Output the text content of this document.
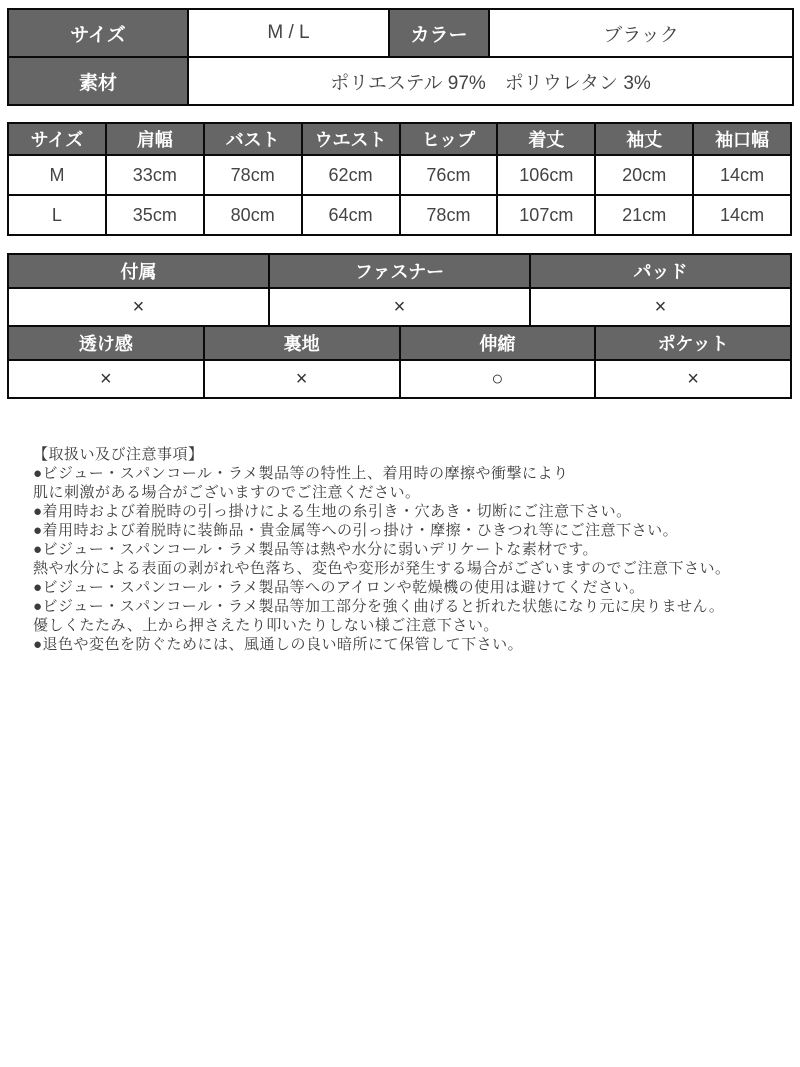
サイズ	M / L	カラー	ブラック
素材	ポリエステル 97%　ポリウレタン 3%		
サイズ	肩幅	バスト	ウエスト	ヒップ	着丈	袖丈	袖口幅
M	33cm	78cm	62cm	76cm	106cm	20cm	14cm
L	35cm	80cm	64cm	78cm	107cm	21cm	14cm
付属	ファスナー	パッド
×	×	×
透け感	裏地	伸縮	ポケット
×	×	○	×
【取扱い及び注意事項】
●ビジュー・スパンコール・ラメ製品等の特性上、着用時の摩擦や衝撃により
肌に刺激がある場合がございますのでご注意ください。
●着用時および着脱時の引っ掛けによる生地の糸引き・穴あき・切断にご注意下さい。
●着用時および着脱時に装飾品・貴金属等への引っ掛け・摩擦・ひきつれ等にご注意下さい。
●ビジュー・スパンコール・ラメ製品等は熱や水分に弱いデリケートな素材です。
熱や水分による表面の剥がれや色落ち、変色や変形が発生する場合がございますのでご注意下さい。
●ビジュー・スパンコール・ラメ製品等へのアイロンや乾燥機の使用は避けてください。
●ビジュー・スパンコール・ラメ製品等加工部分を強く曲げると折れた状態になり元に戻りません。
優しくたたみ、上から押さえたり叩いたりしない様ご注意下さい。
●退色や変色を防ぐためには、風通しの良い暗所にて保管して下さい。
